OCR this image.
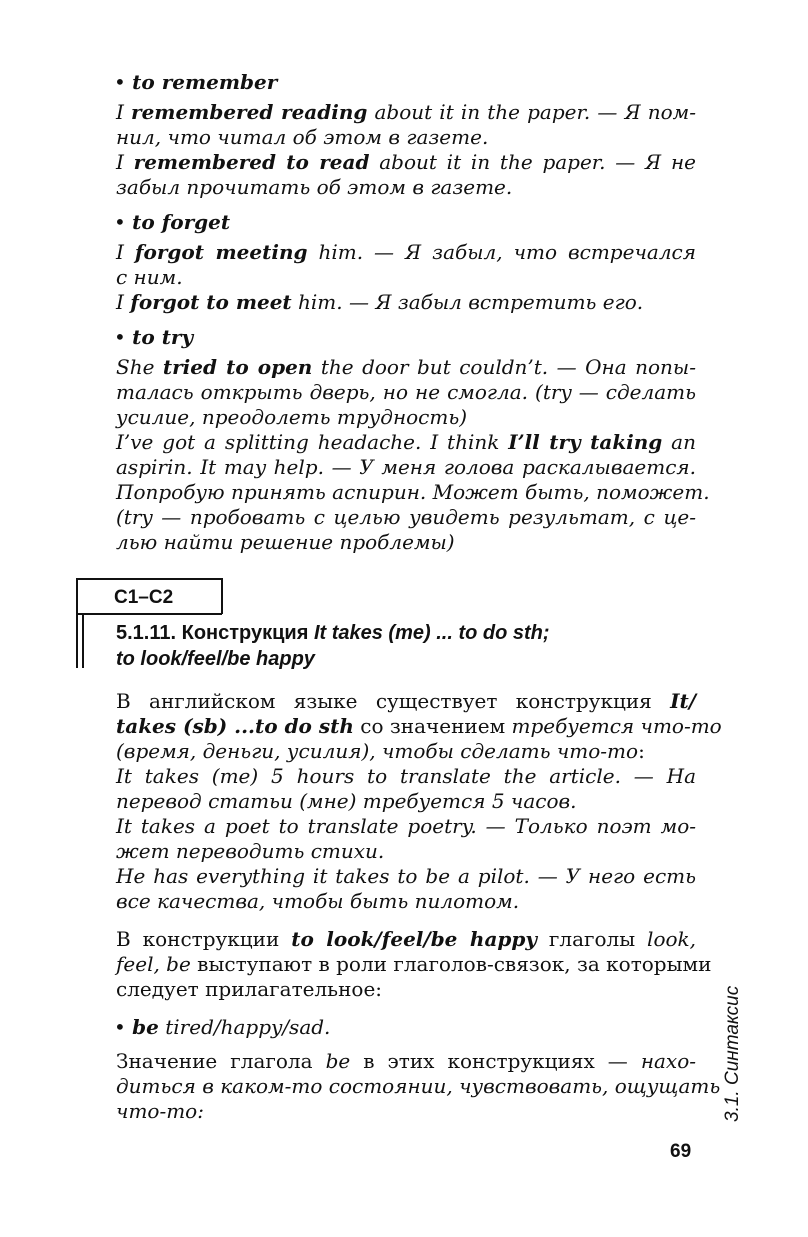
• to remember
I remembered reading about it in the paper. — Я пом-
нил, что читал об этом в газете.
I remembered to read about it in the paper. — Я не
забыл прочитать об этом в газете.
• to forget
I forgot meeting him. — Я забыл, что встречался
с ним.
I forgot to meet him. — Я забыл встретить его.
• to try
She tried to open the door but couldn’t. — Она попы-
талась открыть дверь, но не смогла. (try — сделать
усилие, преодолеть трудность)
I’ve got a splitting headache. I think I’ll try taking an
aspirin. It may help. — У меня голова раскалывается.
Попробую принять аспирин. Может быть, поможет.
(try — пробовать с целью увидеть результат, с це-
лью найти решение проблемы)
C1–C2
5.1.11. Конструкция It takes (me) ... to do sth;
to look/feel/be happy
В английском языке существует конструкция It/
takes (sb) ...to do sth со значением требуется что-то
(время, деньги, усилия), чтобы сделать что-то:
It takes (me) 5 hours to translate the article. — На
перевод статьи (мне) требуется 5 часов.
It takes a poet to translate poetry. — Только поэт мо-
жет переводить стихи.
He has everything it takes to be a pilot. — У него есть
все качества, чтобы быть пилотом.
В конструкции to look/feel/be happy глаголы look,
feel, be выступают в роли глаголов-связок, за которыми
следует прилагательное:
• be tired/happy/sad.
Значение глагола be в этих конструкциях — нахо-
диться в каком-то состоянии, чувствовать, ощущать
что-то:	3.1. Синтаксис
69
